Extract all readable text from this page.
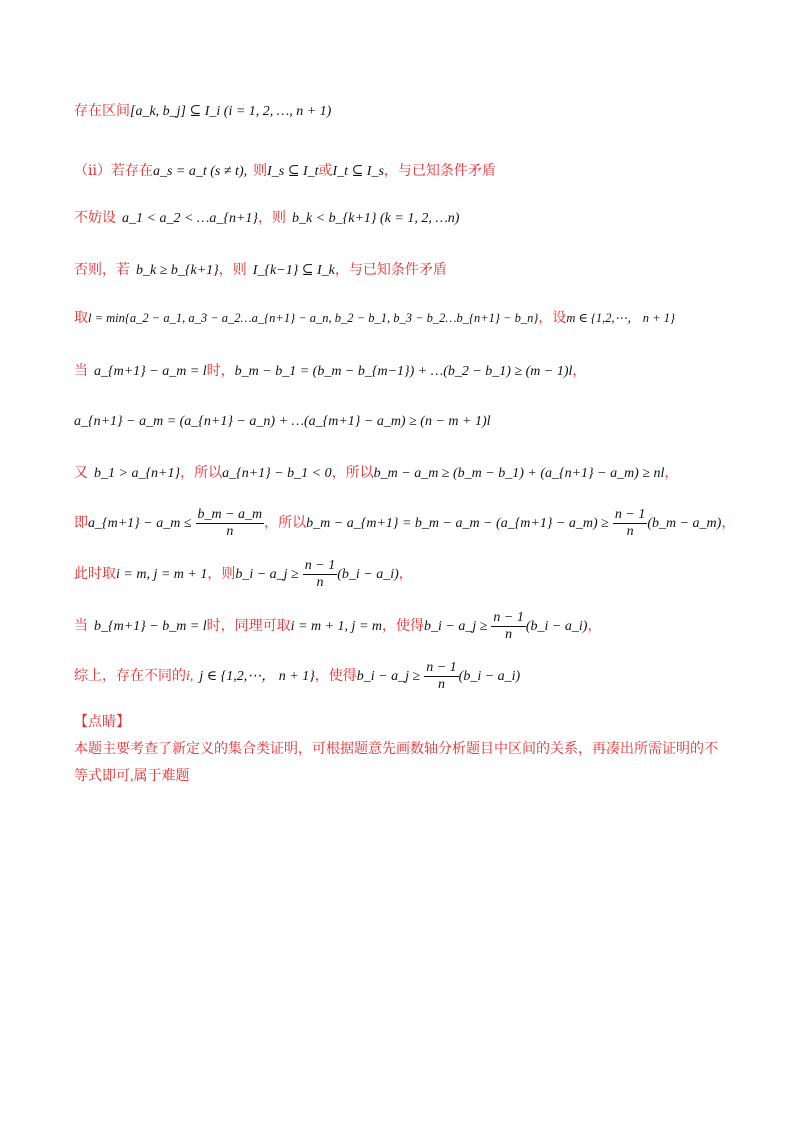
存在区间[a_k, b_j] ⊆ I_i (i = 1, 2, …, n + 1)
（ⅱ）若存在a_s = a_t (s ≠ t), 则I_s ⊆ I_t或I_t ⊆ I_s，与已知条件矛盾
不妨设 a_1 < a_2 < …a_{n+1}，则 b_k < b_{k+1} (k = 1, 2, …n)
否则，若 b_k ≥ b_{k+1}，则 I_{k−1} ⊆ I_k，与已知条件矛盾
取l = min{a_2 − a_1, a_3 − a_2…a_{n+1} − a_n, b_2 − b_1, b_3 − b_2…b_{n+1} − b_n}，设m ∈ {1,2,⋯， n + 1}
当 a_{m+1} − a_m = l时，b_m − b_1 = (b_m − b_{m−1}) + …(b_2 − b_1) ≥ (m − 1)l，
a_{n+1} − a_m = (a_{n+1} − a_n) + …(a_{m+1} − a_m) ≥ (n − m + 1)l
又 b_1 > a_{n+1}，所以a_{n+1} − b_1 < 0，所以b_m − a_m ≥ (b_m − b_1) + (a_{n+1} − a_m) ≥ nl，
即a_{m+1} − a_m ≤ $\frac{b\_m - a\_m}{n}$ ，所以b_m − a_{m+1} = b_m − a_m − (a_{m+1} − a_m) ≥ $\frac{n - 1}{n}$ (b_m − a_m)，
此时取i = m, j = m + 1，则b_i − a_j ≥ $\frac{n - 1}{n}$ (b_i − a_i)，
当 b_{m+1} − b_m = l时，同理可取i = m + 1, j = m，使得b_i − a_j ≥ $\frac{n - 1}{n}$ (b_i − a_i)，
综上，存在不同的i, j ∈ {1,2,⋯， n + 1}，使得b_i − a_j ≥ $\frac{n - 1}{n}$ (b_i − a_i)
【点睛】
本题主要考查了新定义的集合类证明，可根据题意先画数轴分析题目中区间的关系，再凑出所需证明的不
等式即可,属于难题
